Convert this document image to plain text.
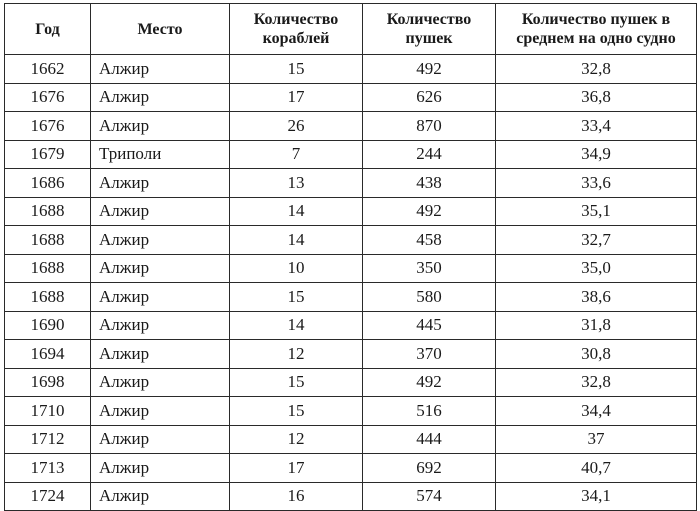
Год	Место	Количество кораблей	Количество пушек	Количество пушек в среднем на одно судно
1662	Алжир	15	492	32,8
1676	Алжир	17	626	36,8
1676	Алжир	26	870	33,4
1679	Триполи	7	244	34,9
1686	Алжир	13	438	33,6
1688	Алжир	14	492	35,1
1688	Алжир	14	458	32,7
1688	Алжир	10	350	35,0
1688	Алжир	15	580	38,6
1690	Алжир	14	445	31,8
1694	Алжир	12	370	30,8
1698	Алжир	15	492	32,8
1710	Алжир	15	516	34,4
1712	Алжир	12	444	37
1713	Алжир	17	692	40,7
1724	Алжир	16	574	34,1
